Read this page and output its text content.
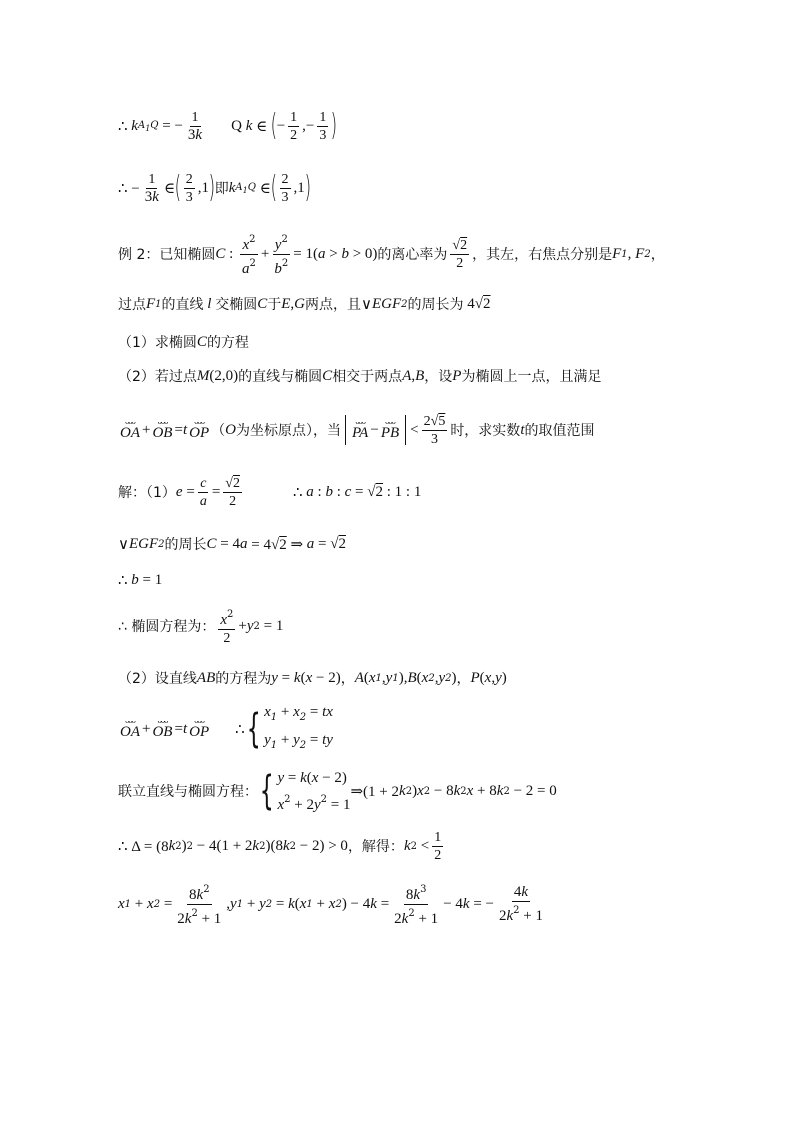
∴ k $A_1Q$ = − $\frac{1}{3k}$ Q k ∈ ( − $\frac{1}{2}$ ,− $\frac{1}{3}$ )
∴ − $\frac{1}{3k}$ ∈ ( $\frac{2}{3} ,1$ ) 即 k $A_1Q$ ∈ ( $\frac{2}{3} ,1$ )
例 2：已知椭圆 C : $\frac{x^2}{a^2} + \frac{y^2}{b^2} = 1$( a > b > 0) 的离心率为 $\frac{√2}{2}$ ，其左，右焦点分别是 F 1 , F 2 ，
过点 F 1 的直线 l 交椭圆 C 于 E , G 两点，且 ∨ EGF 2 的周长为 4√2
（1）求椭圆 C 的方程
（2）若过点 M (2,0) 的直线与椭圆 C 相交于两点 A , B ，设 P 为椭圆上一点，且满足
ᴗᴗᴗ
OA + ᴗᴗᴗ
OB = t ᴗᴗᴗ
OP （ O 为坐标原点），当
ᴗᴗᴗ
PA − ᴗᴗᴗ
PB < $\frac{2√5}{3}$ 时，求实数 t 的取值范围
解：（1） $e = \frac{c}{a} = \frac{√2}{2}$	∴ a : b : c = √2 : 1 : 1
∨ EGF 2 的周长 C = 4 a = 4√2 ⇒ a = √2
∴ b = 1
∴ 椭圆方程为： $\frac{x^2}{2} + y$ 2 = 1
（2）设直线 AB 的方程为 y = k ( x − 2) ， A ( x 1 , y 1 ), B ( x 2 , y 2 ) ， P ( x , y )
ᴗᴗᴗ
OA + ᴗᴗᴗ
OB = t ᴗᴗᴗ
OP ∴ { $x_1 + x_2$ = tx
$y_1 + y_2$ = ty
联立直线与椭圆方程： { y = k(x − 2)
$x^2 + 2y^2 = 1$
⇒(1 + 2 k 2 ) x 2 − 8 k 2 x + 8 k 2 − 2 = 0
∴ Δ = (8 k 2 ) 2 − 4(1 + 2 k 2 )(8 k 2 − 2) > 0 ，解得： k $2 < \frac{1}{2}$
x 1 + x $2 = \frac{8k^2}{2k^2 + 1}$ , y 1 + y 2 = k ( x 1 + x 2 ) − 4 $k = \frac{8k^3}{2k^2 + 1} - 4$ k = − $\frac{4k}{2k^2 + 1}$
